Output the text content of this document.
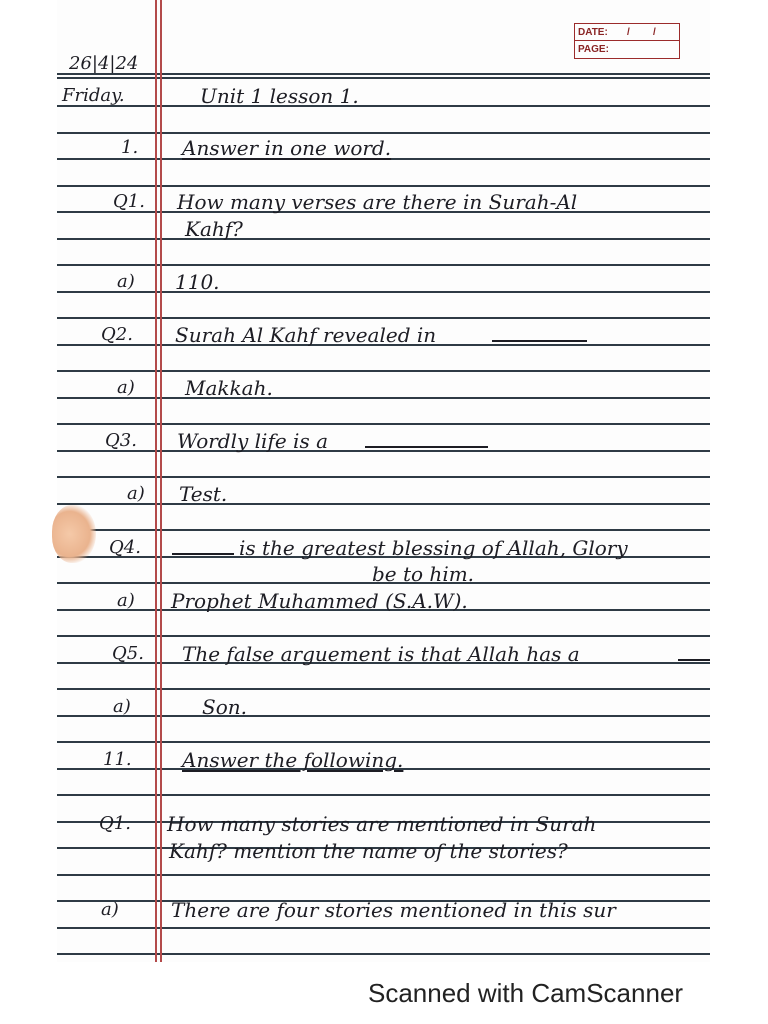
DATE: / /
PAGE:
26|4|24
Friday.	Unit 1 lesson 1.
1. Answer in one word.
Q1. How many verses are there in Surah-Al
Kahf?
a) 110.
Q2. Surah Al Kahf revealed in
a)	Makkah.
Q3. Wordly life is a
a) Test.
Q4.	is the greatest blessing of Allah, Glory
be to him.
a) Prophet Muhammed (S.A.W).
Q5. The false arguement is that Allah has a
a)	Son.
11.	Answer the following.
Q1. How many stories are mentioned in Surah
Kahf? mention the name of the stories?
a)	There are four stories mentioned in this sur
Scanned with CamScanner
